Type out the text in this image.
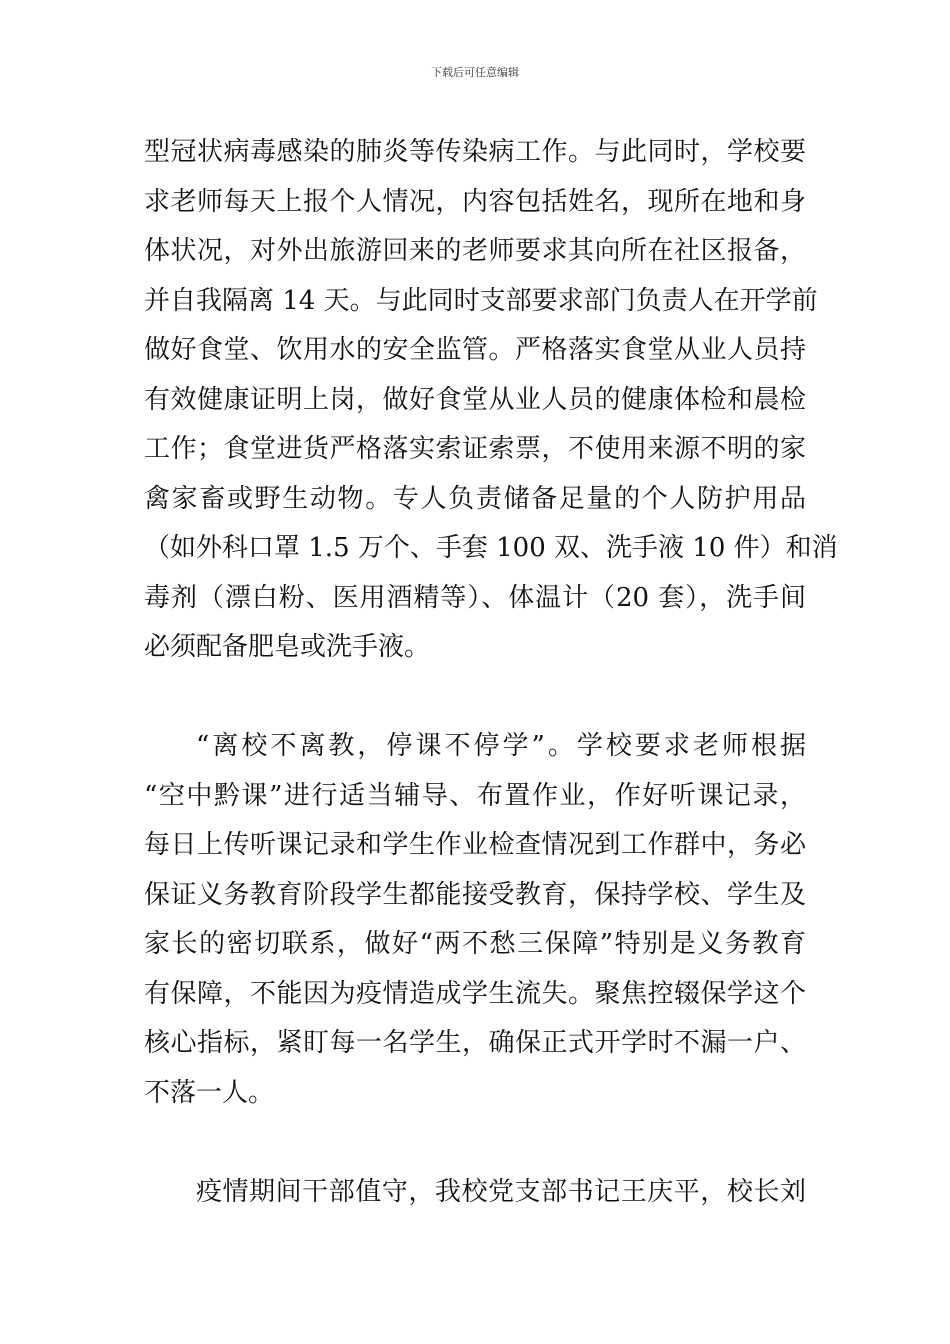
下载后可任意编辑
型冠状病毒感染的肺炎等传染病工作。与此同时，学校要
求老师每天上报个人情况，内容包括姓名，现所在地和身
体状况，对外出旅游回来的老师要求其向所在社区报备，
并自我隔离 14 天。与此同时支部要求部门负责人在开学前
做好食堂、饮用水的安全监管。严格落实食堂从业人员持
有效健康证明上岗，做好食堂从业人员的健康体检和晨检
工作；食堂进货严格落实索证索票，不使用来源不明的家
禽家畜或野生动物。专人负责储备足量的个人防护用品
（如外科口罩 1.5 万个、手套 100 双、洗手液 10 件）和消
毒剂（漂白粉、医用酒精等）、体温计（20 套），洗手间
必须配备肥皂或洗手液。
“离校不离教，停课不停学”。学校要求老师根据
“空中黔课”进行适当辅导、布置作业，作好听课记录，
每日上传听课记录和学生作业检查情况到工作群中，务必
保证义务教育阶段学生都能接受教育，保持学校、学生及
家长的密切联系，做好“两不愁三保障”特别是义务教育
有保障，不能因为疫情造成学生流失。聚焦控辍保学这个
核心指标，紧盯每一名学生，确保正式开学时不漏一户、
不落一人。
疫情期间干部值守，我校党支部书记王庆平，校长刘
